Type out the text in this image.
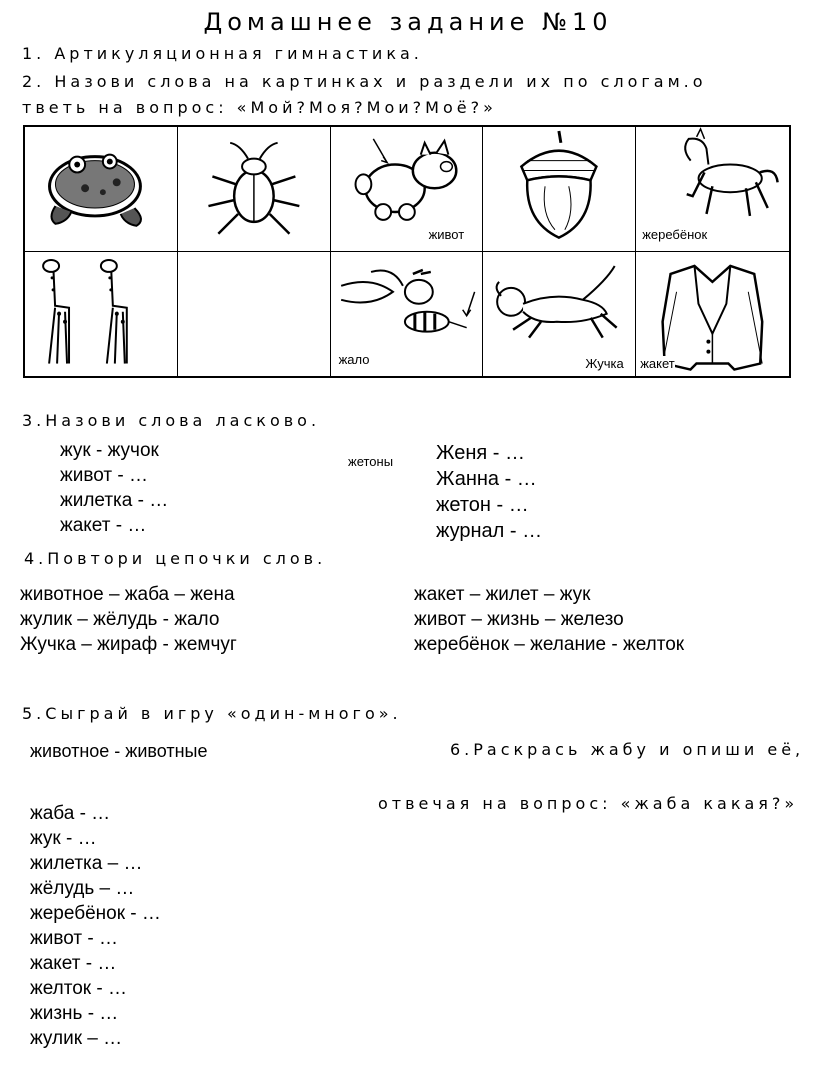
Домашнее задание №10
1. Артикуляционная гимнастика.
2. Назови слова на картинках и раздели их по слогам.о
тветь на вопрос: «Мой?Моя?Мои?Моё?»
живот	жеребёнок
жало	Жучка жакет
3.Назови слова ласково.
жук - жучок
живот - …
жилетка - …
жакет - …
жетоны Женя - …
Жанна - …
жетон - …
журнал - …
4.Повтори цепочки слов.
животное – жаба – жена
жулик – жёлудь - жало
Жучка – жираф - жемчуг
жакет – жилет – жук
живот – жизнь – железо
жеребёнок – желание - желток
5.Сыграй в игру «один-много».
животное - животные	6.Раскрась жабу и опиши её,
отвечая на вопрос: «жаба какая?»
жаба - …
жук - …
жилетка – …
жёлудь – …
жеребёнок - …
живот - …
жакет - …
желток - …
жизнь - …
жулик – …
